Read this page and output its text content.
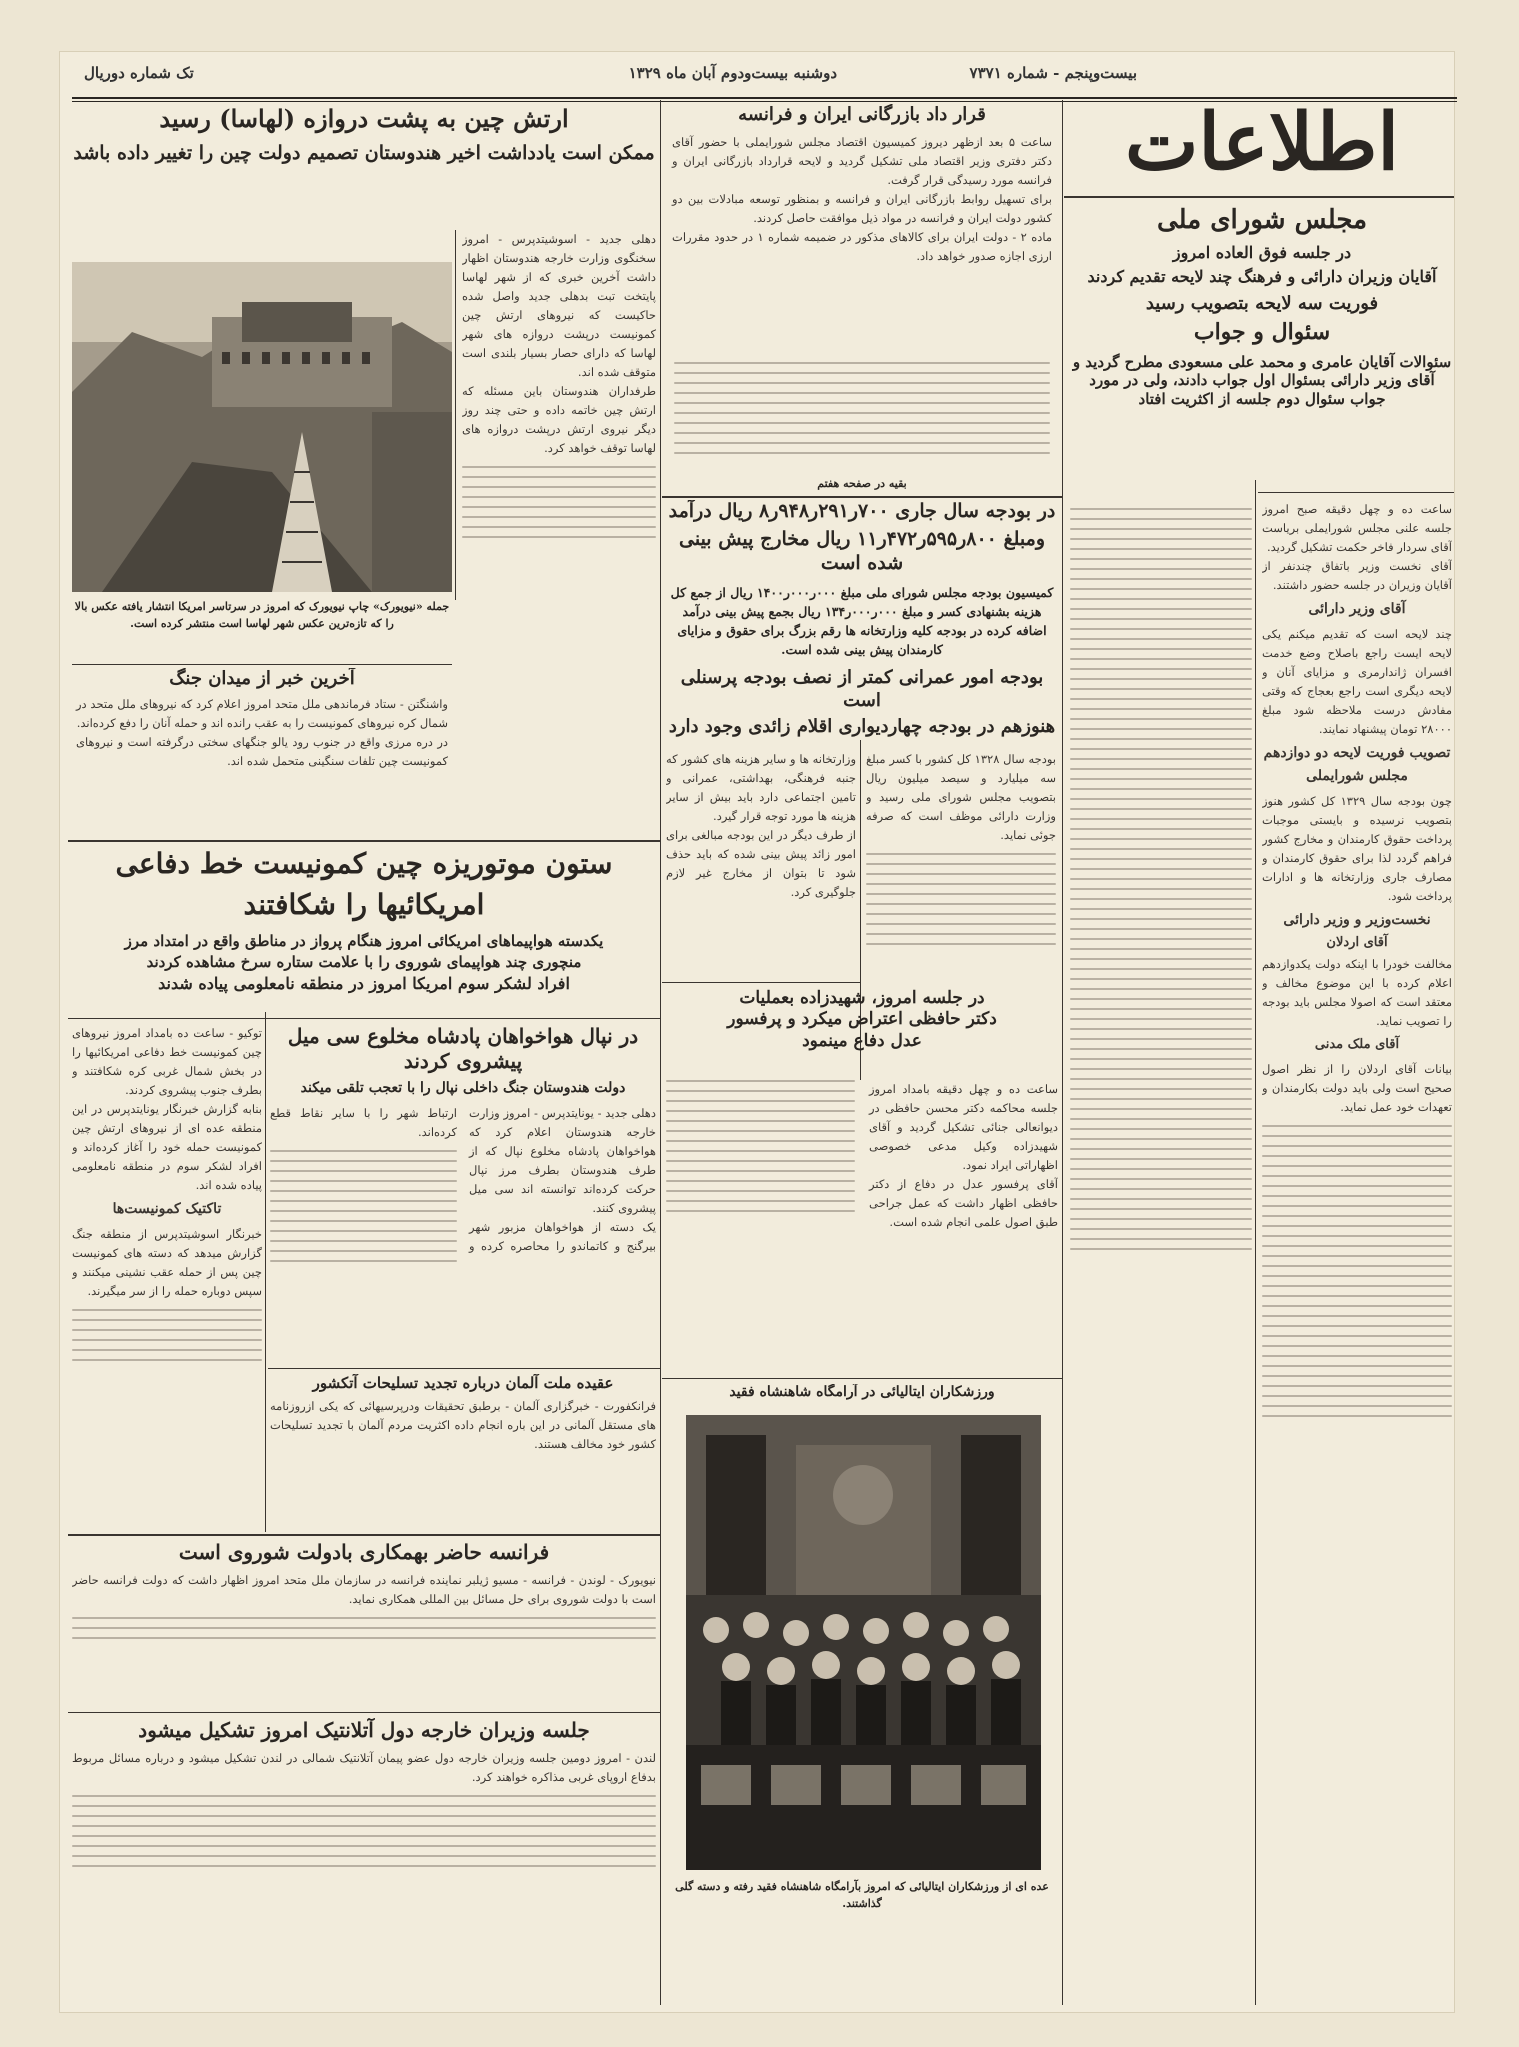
بیست‌وپنجم - شماره ۷۳۷۱
دوشنبه بیست‌ودوم آبان ماه ۱۳۲۹
تک شماره دوریال
اطلاعات
مجلس شورای ملی
در جلسه فوق العاده امروز
آقایان وزیران دارائی و فرهنگ چند لایحه تقدیم کردند
فوریت سه لایحه بتصویب رسید
سئوال و جواب
سئوالات آقایان عامری و محمد علی مسعودی مطرح گردید و آقای وزیر دارائی بسئوال اول جواب دادند، ولی در مورد جواب سئوال دوم جلسه از اکثریت افتاد

ساعت ده و چهل دقیقه صبح امروز جلسه علنی مجلس شورایملی بریاست آقای سردار فاخر حکمت تشکیل گردید.

آقای نخست وزیر باتفاق چندنفر از آقایان وزیران در جلسه حضور داشتند.

آقای وزیر دارائی

چند لایحه است که تقدیم میکنم یکی لایحه ایست راجع باصلاح وضع خدمت افسران ژاندارمری و مزایای آنان و لایحه دیگری است راجع بعجاج که وقتی مفادش درست ملاحظه شود مبلغ ۲۸۰۰۰ تومان پیشنهاد نمایند.

تصویب فوریت لایحه دو دوازدهم
مجلس شورایملی

چون بودجه سال ۱۳۲۹ کل کشور هنوز بتصویب نرسیده و بایستی موجبات پرداخت حقوق کارمندان و مخارج کشور فراهم گردد لذا برای حقوق کارمندان و مصارف جاری وزارتخانه ها و ادارات پرداخت شود.

نخست‌وزیر و وزیر دارائی
آقای اردلان

مخالفت خودرا با اینکه دولت یکدوازدهم اعلام کرده با این موضوع مخالف و معتقد است که اصولا مجلس باید بودجه را تصویب نماید.

آقای ملک مدنی

بیانات آقای اردلان را از نظر اصول صحیح است ولی باید دولت بکارمندان و تعهدات خود عمل نماید.

قرار داد بازرگانی ایران و فرانسه

ساعت ۵ بعد ازظهر دیروز کمیسیون اقتصاد مجلس شورایملی با حضور آقای دکتر دفتری وزیر اقتصاد ملی تشکیل گردید و لایحه قرارداد بازرگانی ایران و فرانسه مورد رسیدگی قرار گرفت.

برای تسهیل روابط بازرگانی ایران و فرانسه و بمنظور توسعه مبادلات بین دو کشور دولت ایران و فرانسه در مواد ذیل موافقت حاصل کردند.

ماده ۲ - دولت ایران برای کالاهای مذکور در ضمیمه شماره ۱ در حدود مقررات ارزی اجازه صدور خواهد داد.

بقیه در صفحه هفتم
در بودجه سال جاری ۷۰۰ر۲۹۱ر۹۴۸ر۸ ریال درآمد
ومبلغ ۸۰۰ر۵۹۵ر۴۷۲ر۱۱ ریال مخارج پیش بینی شده است
کمیسیون بودجه مجلس شورای ملی مبلغ ۰۰۰ر۰۰۰ر۱۴۰۰ ریال از جمع کل هزینه بشنهادی کسر و مبلغ ۰۰۰ر۰۰۰ر۱۳۴ ریال بجمع پیش بینی درآمد اضافه کرده در بودجه کلیه وزارتخانه ها رقم بزرگ برای حقوق و مزایای کارمندان پیش بینی شده است.
بودجه امور عمرانی کمتر از نصف بودجه پرسنلی است
هنوزهم در بودجه چهاردیواری اقلام زائدی وجود دارد

بودجه سال ۱۳۲۸ کل کشور با کسر مبلغ سه میلیارد و سیصد میلیون ریال بتصویب مجلس شورای ملی رسید و وزارت دارائی موظف است که صرفه جوئی نماید.

وزارتخانه ها و سایر هزینه های کشور که جنبه فرهنگی، بهداشتی، عمرانی و تامین اجتماعی دارد باید بیش از سایر هزینه ها مورد توجه قرار گیرد.

از طرف دیگر در این بودجه مبالغی برای امور زائد پیش بینی شده که باید حذف شود تا بتوان از مخارج غیر لازم جلوگیری کرد.

در جلسه امروز، شهیدزاده بعملیات
دکتر حافظی اعتراض میکرد و پرفسور
عدل دفاع مینمود

ساعت ده و چهل دقیقه بامداد امروز جلسه محاکمه دکتر محسن حافظی در دیوانعالی جنائی تشکیل گردید و آقای شهیدزاده وکیل مدعی خصوصی اظهاراتی ایراد نمود.

آقای پرفسور عدل در دفاع از دکتر حافظی اظهار داشت که عمل جراحی طبق اصول علمی انجام شده است.

ورزشکاران ایتالیائی در آرامگاه شاهنشاه فقید
عده ای از ورزشکاران ایتالیائی که امروز بآرامگاه شاهنشاه فقید رفته و دسته گلی گذاشتند.
ارتش چین به پشت دروازه (لهاسا) رسید
ممکن است یادداشت اخیر هندوستان تصمیم دولت چین را تغییر داده باشد
جمله «نیویورک» چاپ نیویورک که امروز در سرتاسر امریکا انتشار یافته عکس بالا را که تازه‌ترین عکس شهر لهاسا است منتشر کرده است.

دهلی جدید - اسوشیتدپرس - امروز سخنگوی وزارت خارجه هندوستان اظهار داشت آخرین خبری که از شهر لهاسا پایتخت تبت بدهلی جدید واصل شده حاکیست که نیروهای ارتش چین کمونیست درپشت دروازه های شهر لهاسا که دارای حصار بسیار بلندی است متوقف شده اند.

طرفداران هندوستان باین مسئله که ارتش چین خاتمه داده و حتی چند روز دیگر نیروی ارتش درپشت دروازه های لهاسا توقف خواهد کرد.

آخرین خبر از میدان جنگ

واشنگتن - ستاد فرماندهی ملل متحد امروز اعلام کرد که نیروهای ملل متحد در شمال کره نیروهای کمونیست را به عقب رانده اند و حمله آنان را دفع کرده‌اند.

در دره مرزی واقع در جنوب رود یالو جنگهای سختی درگرفته است و نیروهای کمونیست چین تلفات سنگینی متحمل شده اند.

ستون موتوریزه چین کمونیست خط دفاعی
امریکائیها را شکافتند
یکدسته هواپیماهای امریکائی امروز هنگام پرواز در مناطق واقع در امتداد مرز
منچوری چند هواپیمای شوروی را با علامت ستاره سرخ مشاهده کردند
افراد لشکر سوم امریکا امروز در منطقه نامعلومی پیاده شدند

توکیو - ساعت ده بامداد امروز نیروهای چین کمونیست خط دفاعی امریکائیها را در بخش شمال غربی کره شکافتند و بطرف جنوب پیشروی کردند.

بنابه گزارش خبرنگار یونایتدپرس در این منطقه عده ای از نیروهای ارتش چین کمونیست حمله خود را آغاز کرده‌اند و افراد لشکر سوم در منطقه نامعلومی پیاده شده اند.

تاکتیک کمونیست‌ها

خبرنگار اسوشیتدپرس از منطقه جنگ گزارش میدهد که دسته های کمونیست چین پس از حمله عقب نشینی میکنند و سپس دوباره حمله را از سر میگیرند.

در نپال هواخواهان پادشاه مخلوع سی میل پیشروی کردند
دولت هندوستان جنگ داخلی نپال را با تعجب تلقی میکند

دهلی جدید - یونایتدپرس - امروز وزارت خارجه هندوستان اعلام کرد که هواخواهان پادشاه مخلوع نپال که از طرف هندوستان بطرف مرز نپال حرکت کرده‌اند توانسته اند سی میل پیشروی کنند.

یک دسته از هواخواهان مزبور شهر بیرگنج و کاتماندو را محاصره کرده و ارتباط شهر را با سایر نقاط قطع کرده‌اند.

عقیده ملت آلمان درباره تجدید تسلیحات آتکشور

فرانکفورت - خبرگزاری آلمان - برطبق تحقیقات ودرپرسیهائی که یکی ازروزنامه های مستقل آلمانی در این باره انجام داده اکثریت مردم آلمان با تجدید تسلیحات کشور خود مخالف هستند.

فرانسه حاضر بهمکاری بادولت شوروی است

نیویورک - لوندن - فرانسه - مسیو ژیلبر نماینده فرانسه در سازمان ملل متحد امروز اظهار داشت که دولت فرانسه حاضر است با دولت شوروی برای حل مسائل بین المللی همکاری نماید.

جلسه وزیران خارجه دول آتلانتیک امروز تشکیل میشود

لندن - امروز دومین جلسه وزیران خارجه دول عضو پیمان آتلانتیک شمالی در لندن تشکیل میشود و درباره مسائل مربوط بدفاع اروپای غربی مذاکره خواهند کرد.
